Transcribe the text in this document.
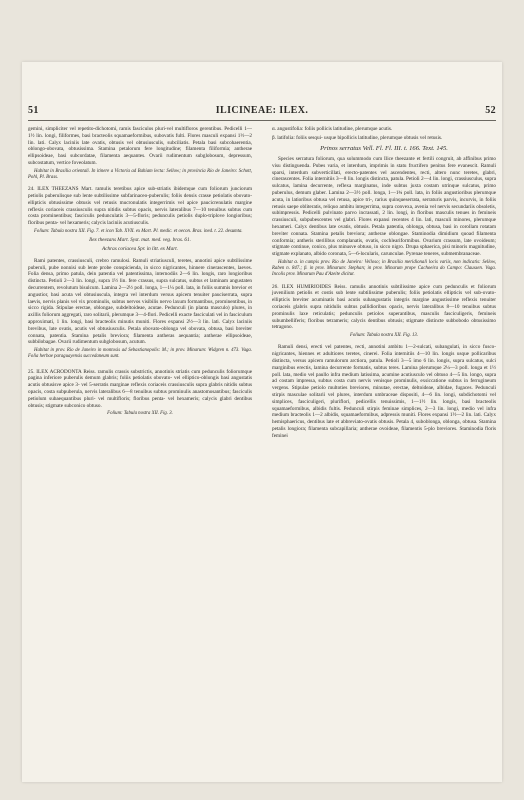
51	ILICINEAE: ILEX.	52

gemini, simpliciter vel repetito-dichotomi, ramis fasciculos pluri-vel multifloros gerentibus. Pedicelli 1—1½ lin. longi, filiformes, basi bracteolis squamaeformibus, subovatis fulti. Flores masculi expansi 1½—2 lin. lati. Calyx laciniis late ovatis, obtusis vel obtusiusculis, subciliatis. Petala basi subcohaerentia, oblongo-obovata, obtusissima. Stamina petalorum fere longitudine; filamenta filiformia; antherae ellipsoideae, basi subcordatae, filamenta aequantes. Ovarii rudimentum subglobosum, depressum, subcostatum, vertice foveolatum.

Habitat in Brasilia orientali. In itinere a Victoria ad Bahiam lecta: Sellow; in provincia Rio de Janeiro: Schott, Pohl, Pl. Brass.

24. ILEX THEEZANS Mart. ramulis teretibus apice sub-striatis ibidemque cum foliorum junciorum petiolis puberulisque sub lente subtilissime subfarinaceo-puberulis; foliis densis crasse petiolatis obovato-ellipticis obtusissime obtusis vel retusis mucronulatis integerrimis vel apice paucicrenulatis margine reflexis coriaceis crassiusculis supra nitidis subtus opacis, nervis lateralibus 7—10 tenuibus subtus cum costa prominentibus; fasciculis pedunculatis 3—5-floris; pedunculis petiolis duplo-triplove longioribus; floribus penta- vel hexameris; calycis laciniis acutiusculis.

Folium: Tabula nostra XII. Fig. 7. et icon Tab. XVII. ex Mart. Pl. medic. et oecon. Bras. ined. t. 22. desumta.

Ilex theezans Mart. Syst. mat. med. veg. bras. 61.

Achras coriacea Spr. in litt. ex Mart.

Rami patentes, crassiusculi, crebro ramulosi. Ramuli striatiusculi, teretes, annotini apice subtilissime puberuli, pube nonnisi sub lente probe conspicienda, in sicco nigricantes, hinnere cinerascentes, laeves. Folia densa, primo patula, dein patentia vel patentissima, internodiis 2—6 lin. longis, raro longioribus distincta. Petioli 2—3 lin. longi, supra 1½ lin. fere crassus, supra sulcatus, subtus et laminam angustaten decurrentem, revolutum bisulcum. Lamina 2—2½ poll. longa, 1—1¼ poll. lata, in foliis summis brevior et angustior, basi acuta vel obtusiuscula, integra vel interdum versus apicem tenuiter pauciserrata, supra laevis, nervis planis vel vix prominulis, subtus nervos visibilis nervo laxum formantibus, prominentibus, in sicco rigida. Stipulae erectae, oblongae, subdeltoideae, acutae. Pedunculi (in planta masculo) plures, in axillis foliorum aggregati, raro solitarii, plerumque 3—4-flori. Pedicelli exacte fasciculati vel in fasciculum approximati, 1 lin. longi, basi bracteolis minutis muniti. Flores expansi 2½—3 lin. lati. Calyx laciniis brevibus, late ovatis, acutis vel obtusiusculis. Petala obovato-oblonga vel obovata, obtusa, basi breviter connata, patentia. Stamina petalis breviora; filamenta antheras aequantia; antherae ellipsoideae, subbilobagae. Ovarii rudimentum subglobosum, acutum.

Habitat in prov. Rio de Janeiro in montosis ad Sebastianopolis: M.; in prov. Minarum: Widgren n. 473. Vaga. Folia herbae paraguayensis succedaneum sunt.

25. ILEX ACRODONTA Reiss. ramulis crassis substrictis, annotinis striatis cum pedunculis foliorumque pagina inferiore puberulis demum glabris; foliis petiolatis obovato- vel elliptico-oblongis basi angustatis acutis obtusisve apice 3- vel 5-serratis marginae reflexis coriaceis crassiusculis supra glabris nitidis subtus opacis, costa subpuberula, nervis lateralibus 6—8 tenuibus subtus prominulis anastomosantibus; fasciculis petiolum subaequantibus pluri- vel multifloris; floribus penta- vel hexameris; calycis glabri dentibus obtusis; stigmate subconico obtuso.

Folium: Tabula nostra XII. Fig. 3.

α. angustifolia: foliis pollicis latitudine, plerumque acutis.

β. latifolia: foliis sesqui- usque bipollicis latitudine, plerumque obtusis vel retusis.

Prinos serratus Vell. Fl. Fl. III. t. 166. Text. 145.

Species serratura foliorum, qua solummodo cum Ilice theezante et fertili congruit, ab affinibus primo visu distinguenda. Pubes varia, et interdum, imprimis in statu fructifero penitus fere evanescit. Ramuli sparsi, interdum subverticillati, erecto-patentes vel ascendentes, recti, altero nunc teretes, glabri, cinerascentes. Folia internitiis 3—8 lin. longis distincta, patula. Petioli 2—4 lin. longi, crassiusculus, supra sulcatus, lamina decurrente, reflexa marginatus, inde subtus juxta costam utrinque sulcatus, primo puberulus, demum glaber. Lamina 2—3½ poll. longa, 1—1¾ poll. lata, in foliis angustioribus plerumque acuta, in latioribus obtusa vel retusa, apice tri-, rarius quinqueserrata, serraturis parvis, incurvis, in foliis retusis saepe obliteratis, reliquo ambitu integerrima, supra convexa, avenia vel nervis secundariis obsoletis, subimpressis. Pedicelli pulvinato parvo incrassati, 2 lin. longi, in floribus masculis tenues in femineis crassiusculi, subpubescentes vel glabri. Flores expansi recentes 4 lin. lati, masculi minores, plerumque hexameri. Calyx dentibus late ovatis, obtusis. Petala patentia, oblonga, obtusa, basi in corollam rotatam breviter connata. Stamina petalis breviora; antherae oblongae. Staminodia dimidium quoad filamenta conformia; antheris sterilibus complanatis, ovatis, cochleariformibus. Ovarium crassum, late ovoideum; stigmate continue, conico, plus minusve obtuso, in sicco nigro. Drupa sphaerica, pisi minoris magnitudine, stigmate explanato, albido coronata, 5—6-locularis, carunculae. Pyrenae teneres, submembranaceae.

Habitat α. in campis prov. Rio de Janeiro: Velloso; in Brasilia meridionali locis variis, non indicatis: Sellow, Raben n. 847.; β. in prov. Minarum: Stephan; in prov. Minarum prope Cachoeira do Campo: Claussen. Vaga. Incolis prov. Minarum Pau d'Azeite dicitur.

26. ILEX HUMIRIOIDES Reiss. ramulis annotinis subtilissime apice cum pedunculis et foliorum juvenilium petiolis et costis sub lente subtilissime puberulis; foliis petiolatis ellipticis vel sub-ovato-ellipticis breviter acuminatis basi acutis subangustatis integris margine angustissime reflexis tenuiter coriaceis glabris supra nitidulis subtus pallidioribus opacis, nervis lateralibus 8—10 tenuibus subtus prominulis laxe reticulatis; pedunculis petiolos superantibus, masculis fasciculigeris, femineis subumbelliferis; floribus tetrameris; calycis dentibus obtusis; stigmate distincte subbobodo obtusissimo tetragono.

Folium: Tabula nostra XII. Fig. 13.

Ramuli densi, erecti vel patentes, recti, annotini ambitu 1—2-sulcati, subangulati, in sicco fusco-nigricantes, hiennes et adultiores teretes, cinerei. Folia internitiis 4—10 lin. longis usque pollicaribus distincta, versus apicem ramulorum arctiora, patula. Petioli 3—5 imo 6 lin. longis, supra sulcatus, sulci marginibus erectis, lamina decurrente formatis, subtus teres. Lamina plerumque 2¼—3 poll. longa et 1½ poll. lata, medio vel paullo infra medium latissima, acumine acutiusculo vel obtuso 4—5 lin. longo, supra ad costam impressa, subtus costa cum nervis venisque prominulis, exsiccatione subtus in ferrugineum vergens. Stipulae petiolo multoties breviores, minutae, erectae, deltoideae, albidae, fugaces. Pedunculi stirpis masculae solitarii vel plures, interdum umbraceae dispositi, 4—6 lin. longi, subdichotomi vel simplices, fasciculigeri, pluriflori, pedicellis tenuissimis, 1—1½ lin. longis, basi bracteolis squamaeformibus, albidis fultis. Pedunculi stirpis feminae simplices, 2—3 lin. longi, medio vel infra medium bracteolis 1—2 albidis, squamaeformibus, adpressis muniti. Flores expansi 1½—2 lin. lati. Calyx hemisphaericus, dentibus late et abbreviato-ovatis obtusis. Petala 4, suboblonga, oblonga, obtusa. Stamina petalis longiora; filamenta subcapillaria; antherae ovoideae, filamentis 5-plo breviores. Staminodia floris feminei
